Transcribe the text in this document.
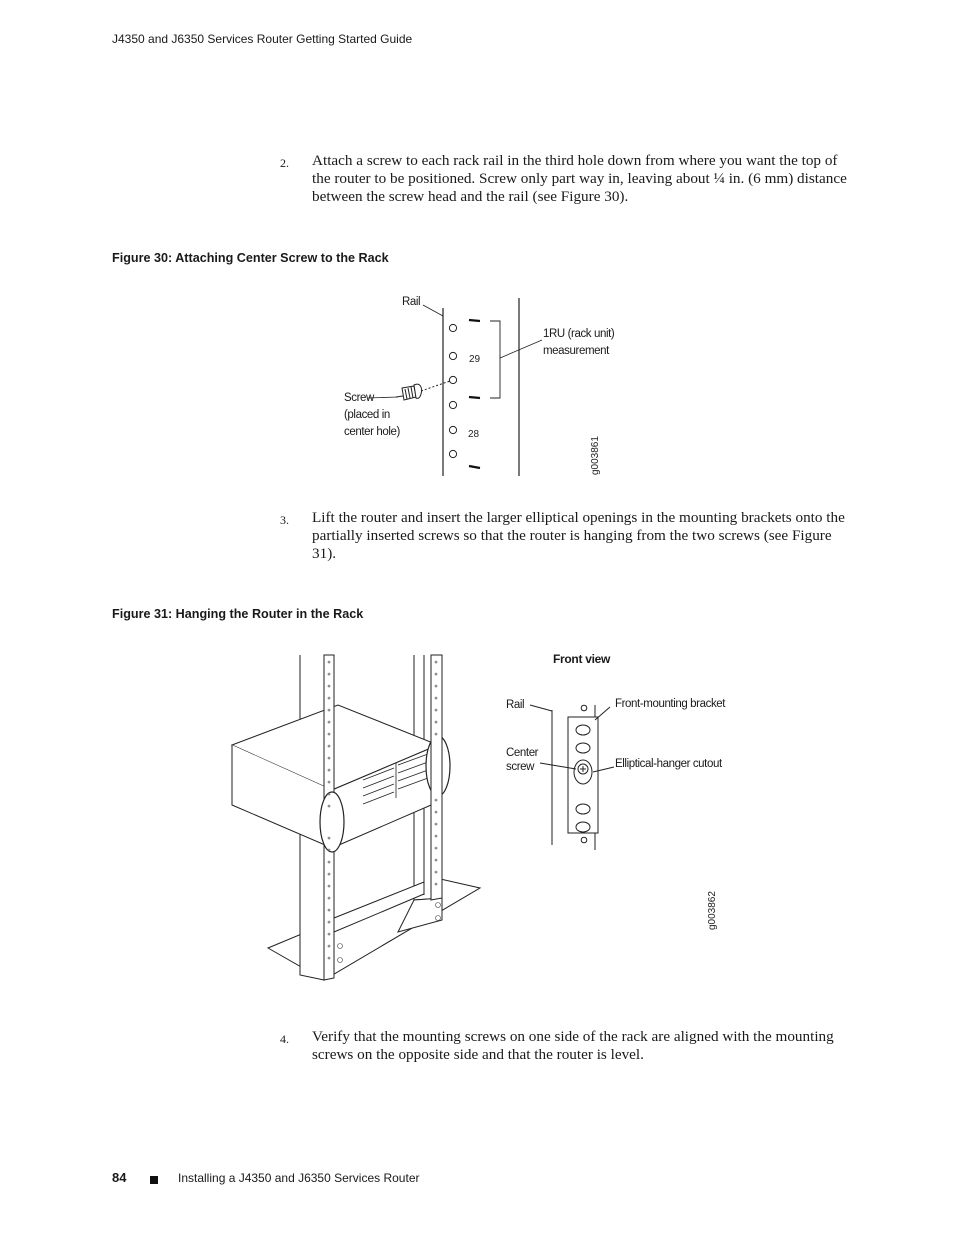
J4350 and J6350 Services Router Getting Started Guide
2. Attach a screw to each rack rail in the third hole down from where you want the top of the router to be positioned. Screw only part way in, leaving about ¼ in. (6 mm) distance between the screw head and the rail (see Figure 30).
Figure 30: Attaching Center Screw to the Rack
g003861
29
28
Rail
1RU (rack unit)
measurement
Screw
(placed in
center hole)
3. Lift the router and insert the larger elliptical openings in the mounting brackets onto the partially inserted screws so that the router is hanging from the two screws (see Figure 31).
Figure 31: Hanging the Router in the Rack
g003862
Front view
Rail	Front-mounting bracket
Center
screw	Elliptical-hanger cutout
4. Verify that the mounting screws on one side of the rack are aligned with the mounting screws on the opposite side and that the router is level.
84	Installing a J4350 and J6350 Services Router
